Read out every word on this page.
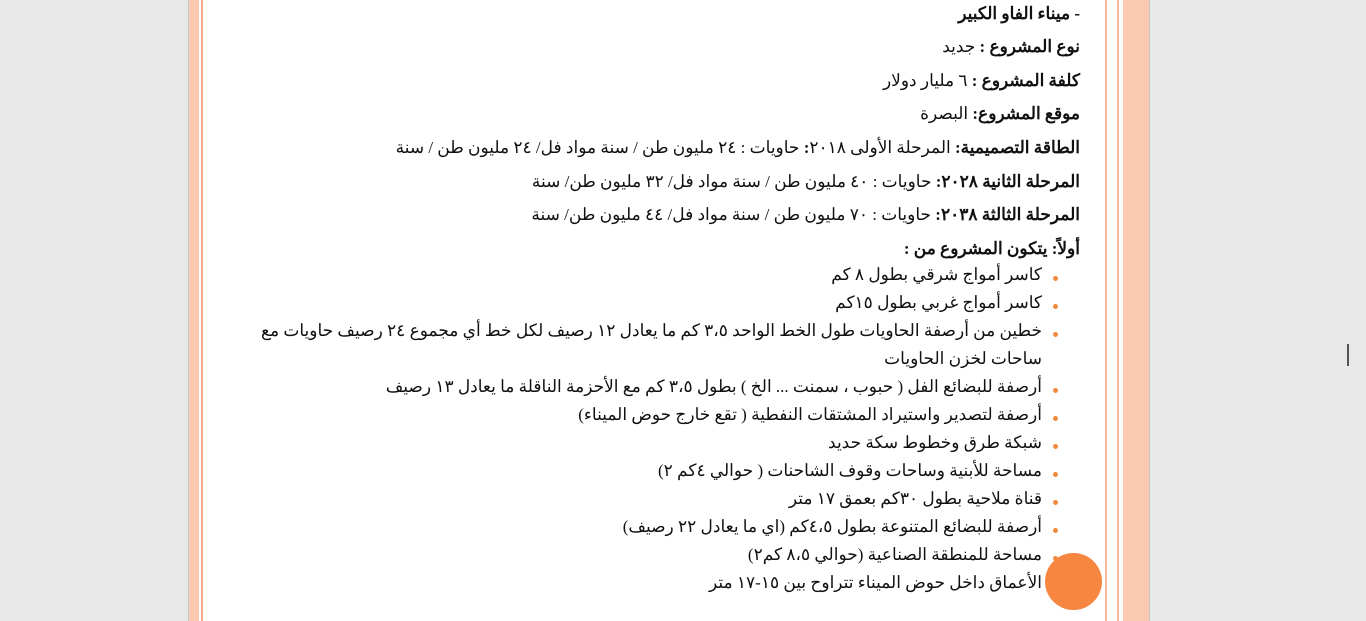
- ميناء الفاو الكبير
نوع المشروع : جديد
كلفة المشروع : ٦ مليار دولار
موقع المشروع: البصرة
الطاقة التصميمية: المرحلة الأولى ٢٠١٨: حاويات : ٢٤ مليون طن / سنة مواد فل/ ٢٤ مليون طن / سنة
المرحلة الثانية ٢٠٢٨: حاويات : ٤٠ مليون طن / سنة مواد فل/ ٣٢ مليون طن/ سنة
المرحلة الثالثة ٢٠٣٨: حاويات : ٧٠ مليون طن / سنة مواد فل/ ٤٤ مليون طن/ سنة
أولاً: يتكون المشروع من :
كاسر أمواج شرقي بطول ٨ كم
كاسر أمواج غربي بطول ١٥كم
خطين من أرصفة الحاويات طول الخط الواحد ٣،٥ كم ما يعادل ١٢ رصيف لكل خط أي مجموع ٢٤ رصيف حاويات مع ساحات لخزن الحاويات
أرصفة للبضائع الفل ( حبوب ، سمنت ... الخ ) بطول ٣،٥ كم مع الأحزمة الناقلة ما يعادل ١٣ رصيف
أرصفة لتصدير واستيراد المشتقات النفطية ( تقع خارج حوض الميناء)
شبكة طرق وخطوط سكة حديد
مساحة للأبنية وساحات وقوف الشاحنات ( حوالي ٤كم ٢)
قناة ملاحية بطول ٣٠كم بعمق ١٧ متر
أرصفة للبضائع المتنوعة بطول ٤،٥كم (اي ما يعادل ٢٢ رصيف)
مساحة للمنطقة الصناعية (حوالي ٨،٥ كم٢)
الأعماق داخل حوض الميناء تتراوح بين ١٥-١٧ متر
